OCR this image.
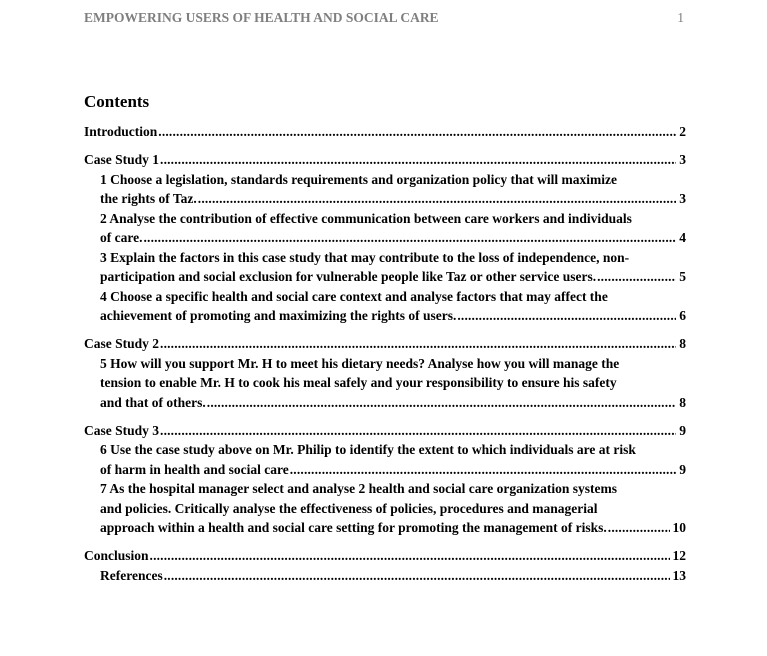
EMPOWERING USERS OF HEALTH AND SOCIAL CARE	1
Contents
Introduction . . .	2
Case Study 1 . . .	3
1 Choose a legislation, standards requirements and organization policy that will maximize
the rights of Taz. . . .	3
2 Analyse the contribution of effective communication between care workers and individuals
of care. . . .	4
3 Explain the factors in this case study that may contribute to the loss of independence, non-
participation and social exclusion for vulnerable people like Taz or other service users. . . .	5
4 Choose a specific health and social care context and analyse factors that may affect the
achievement of promoting and maximizing the rights of users. . . .	6
Case Study 2 . . .	8
5 How will you support Mr. H to meet his dietary needs? Analyse how you will manage the
tension to enable Mr. H to cook his meal safely and your responsibility to ensure his safety
and that of others. . . .	8
Case Study 3 . . .	9
6 Use the case study above on Mr. Philip to identify the extent to which individuals are at risk
of harm in health and social care . . .	9
7 As the hospital manager select and analyse 2 health and social care organization systems
and policies. Critically analyse the effectiveness of policies, procedures and managerial
approach within a health and social care setting for promoting the management of risks. . . .	10
Conclusion . . .	12
References . . .	13
